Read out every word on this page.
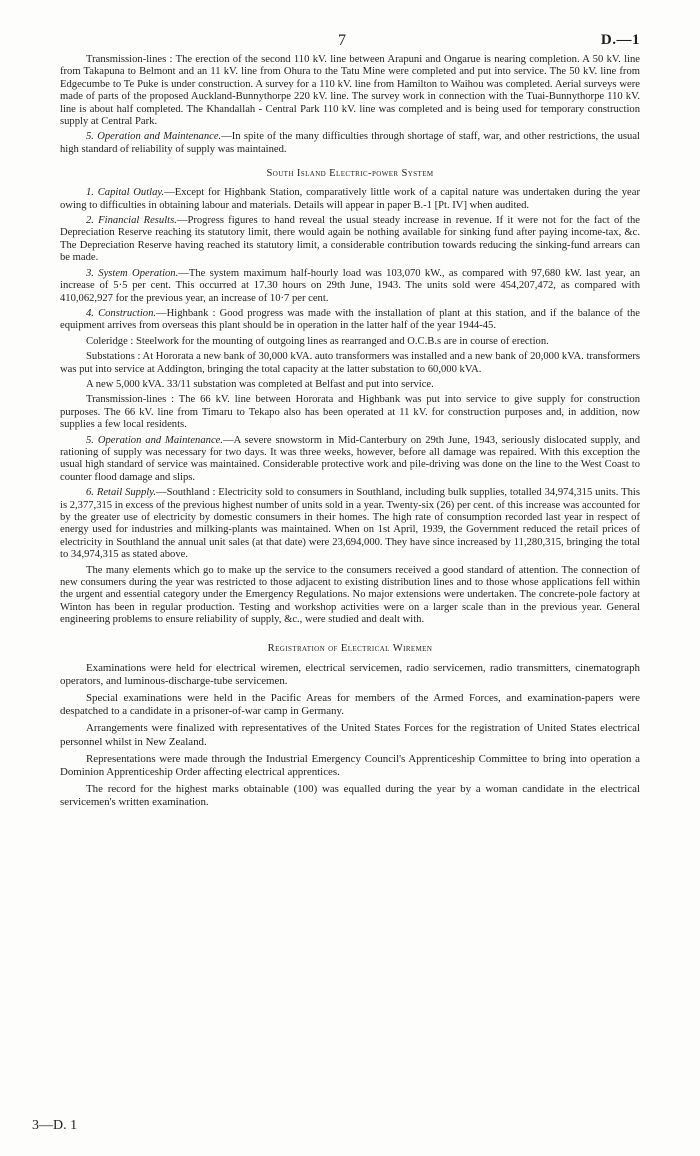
7	D.—1

Transmission-lines : The erection of the second 110 kV. line between Arapuni and Ongarue is nearing completion. A 50 kV. line from Takapuna to Belmont and an 11 kV. line from Ohura to the Tatu Mine were completed and put into service. The 50 kV. line from Edgecumbe to Te Puke is under construction. A survey for a 110 kV. line from Hamilton to Waihou was completed. Aerial surveys were made of parts of the proposed Auckland-Bunnythorpe 220 kV. line. The survey work in connection with the Tuai-Bunnythorpe 110 kV. line is about half completed. The Khandallah - Central Park 110 kV. line was completed and is being used for temporary construction supply at Central Park.

5. Operation and Maintenance.—In spite of the many difficulties through shortage of staff, war, and other restrictions, the usual high standard of reliability of supply was maintained.

South Island Electric-power System

1. Capital Outlay.—Except for Highbank Station, comparatively little work of a capital nature was undertaken during the year owing to difficulties in obtaining labour and materials. Details will appear in paper B.-1 [Pt. IV] when audited.

2. Financial Results.—Progress figures to hand reveal the usual steady increase in revenue. If it were not for the fact of the Depreciation Reserve reaching its statutory limit, there would again be nothing available for sinking fund after paying income-tax, &c. The Depreciation Reserve having reached its statutory limit, a considerable contribution towards reducing the sinking-fund arrears can be made.

3. System Operation.—The system maximum half-hourly load was 103,070 kW., as compared with 97,680 kW. last year, an increase of 5·5 per cent. This occurred at 17.30 hours on 29th June, 1943. The units sold were 454,207,472, as compared with 410,062,927 for the previous year, an increase of 10·7 per cent.

4. Construction.—Highbank : Good progress was made with the installation of plant at this station, and if the balance of the equipment arrives from overseas this plant should be in operation in the latter half of the year 1944-45.

Coleridge : Steelwork for the mounting of outgoing lines as rearranged and O.C.B.s are in course of erection.

Substations : At Hororata a new bank of 30,000 kVA. auto transformers was installed and a new bank of 20,000 kVA. transformers was put into service at Addington, bringing the total capacity at the latter substation to 60,000 kVA.

A new 5,000 kVA. 33/11 substation was completed at Belfast and put into service.

Transmission-lines : The 66 kV. line between Hororata and Highbank was put into service to give supply for construction purposes. The 66 kV. line from Timaru to Tekapo also has been operated at 11 kV. for construction purposes and, in addition, now supplies a few local residents.

5. Operation and Maintenance.—A severe snowstorm in Mid-Canterbury on 29th June, 1943, seriously dislocated supply, and rationing of supply was necessary for two days. It was three weeks, however, before all damage was repaired. With this exception the usual high standard of service was maintained. Considerable protective work and pile-driving was done on the line to the West Coast to counter flood damage and slips.

6. Retail Supply.—Southland : Electricity sold to consumers in Southland, including bulk supplies, totalled 34,974,315 units. This is 2,377,315 in excess of the previous highest number of units sold in a year. Twenty-six (26) per cent. of this increase was accounted for by the greater use of electricity by domestic consumers in their homes. The high rate of consumption recorded last year in respect of energy used for industries and milking-plants was maintained. When on 1st April, 1939, the Government reduced the retail prices of electricity in Southland the annual unit sales (at that date) were 23,694,000. They have since increased by 11,280,315, bringing the total to 34,974,315 as stated above.

The many elements which go to make up the service to the consumers received a good standard of attention. The connection of new consumers during the year was restricted to those adjacent to existing distribution lines and to those whose applications fell within the urgent and essential category under the Emergency Regulations. No major extensions were undertaken. The concrete-pole factory at Winton has been in regular production. Testing and workshop activities were on a larger scale than in the previous year. General engineering problems to ensure reliability of supply, &c., were studied and dealt with.

Registration of Electrical Wiremen

Examinations were held for electrical wiremen, electrical servicemen, radio servicemen, radio transmitters, cinematograph operators, and luminous-discharge-tube servicemen.

Special examinations were held in the Pacific Areas for members of the Armed Forces, and examination-papers were despatched to a candidate in a prisoner-of-war camp in Germany.

Arrangements were finalized with representatives of the United States Forces for the registration of United States electrical personnel whilst in New Zealand.

Representations were made through the Industrial Emergency Council's Apprenticeship Committee to bring into operation a Dominion Apprenticeship Order affecting electrical apprentices.

The record for the highest marks obtainable (100) was equalled during the year by a woman candidate in the electrical servicemen's written examination.

3—D. 1
